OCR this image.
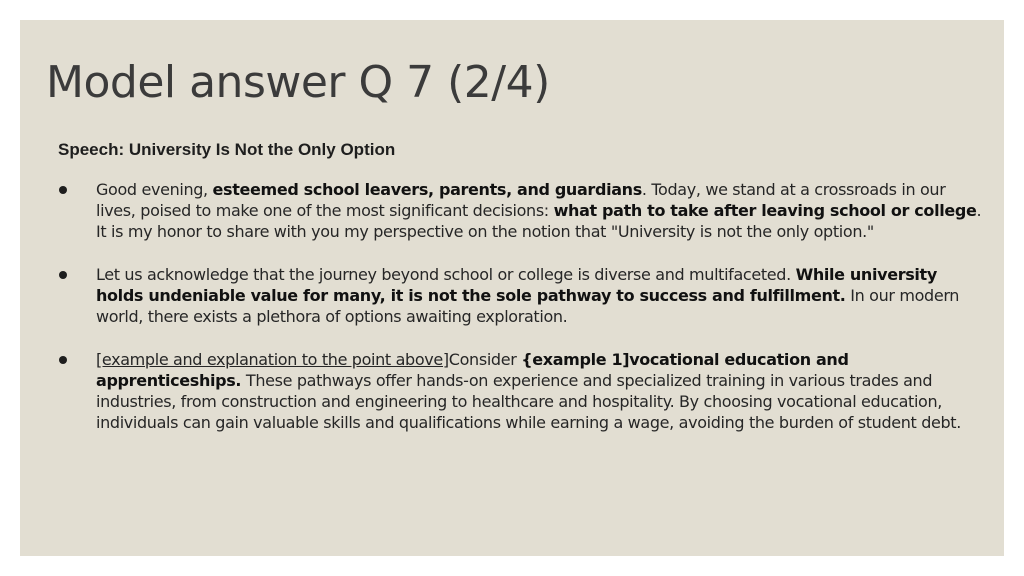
Model answer Q 7 (2/4)

Speech: University Is Not the Only Option

Good evening, esteemed school leavers, parents, and guardians. Today, we stand at a crossroads in our lives, poised to make one of the most significant decisions: what path to take after leaving school or college. It is my honor to share with you my perspective on the notion that "University is not the only option."
Let us acknowledge that the journey beyond school or college is diverse and multifaceted. While university holds undeniable value for many, it is not the sole pathway to success and fulfillment. In our modern world, there exists a plethora of options awaiting exploration.
[example and explanation to the point above]Consider {example 1]vocational education and apprenticeships. These pathways offer hands-on experience and specialized training in various trades and industries, from construction and engineering to healthcare and hospitality. By choosing vocational education, individuals can gain valuable skills and qualifications while earning a wage, avoiding the burden of student debt.
